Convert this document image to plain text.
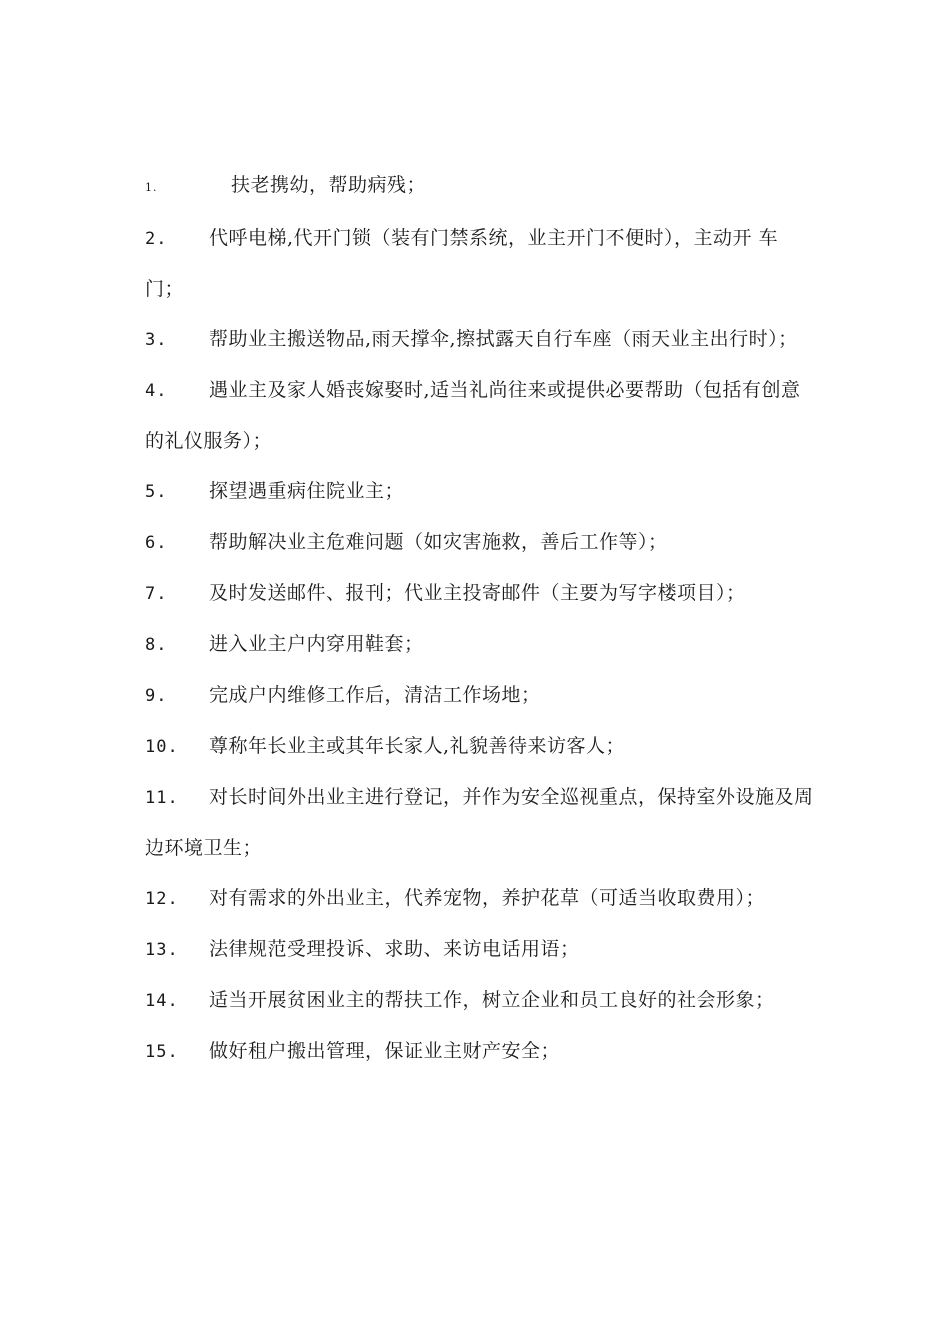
1.	扶老携幼，帮助病残；
2. 代呼电梯,代开门锁（装有门禁系统，业主开门不便时），主动开 车门；
3. 帮助业主搬送物品,雨天撑伞,擦拭露天自行车座（雨天业主出行时）；
4. 遇业主及家人婚丧嫁娶时,适当礼尚往来或提供必要帮助（包括有创意的礼仪服务）；
5. 探望遇重病住院业主；
6. 帮助解决业主危难问题（如灾害施救，善后工作等）；
7. 及时发送邮件、报刊；代业主投寄邮件（主要为写字楼项目）；
8. 进入业主户内穿用鞋套；
9. 完成户内维修工作后，清洁工作场地；
10. 尊称年长业主或其年长家人,礼貌善待来访客人；
11. 对长时间外出业主进行登记，并作为安全巡视重点，保持室外设施及周边环境卫生；
12. 对有需求的外出业主，代养宠物，养护花草（可适当收取费用）；
13. 法律规范受理投诉、求助、来访电话用语；
14. 适当开展贫困业主的帮扶工作，树立企业和员工良好的社会形象；
15. 做好租户搬出管理，保证业主财产安全；
